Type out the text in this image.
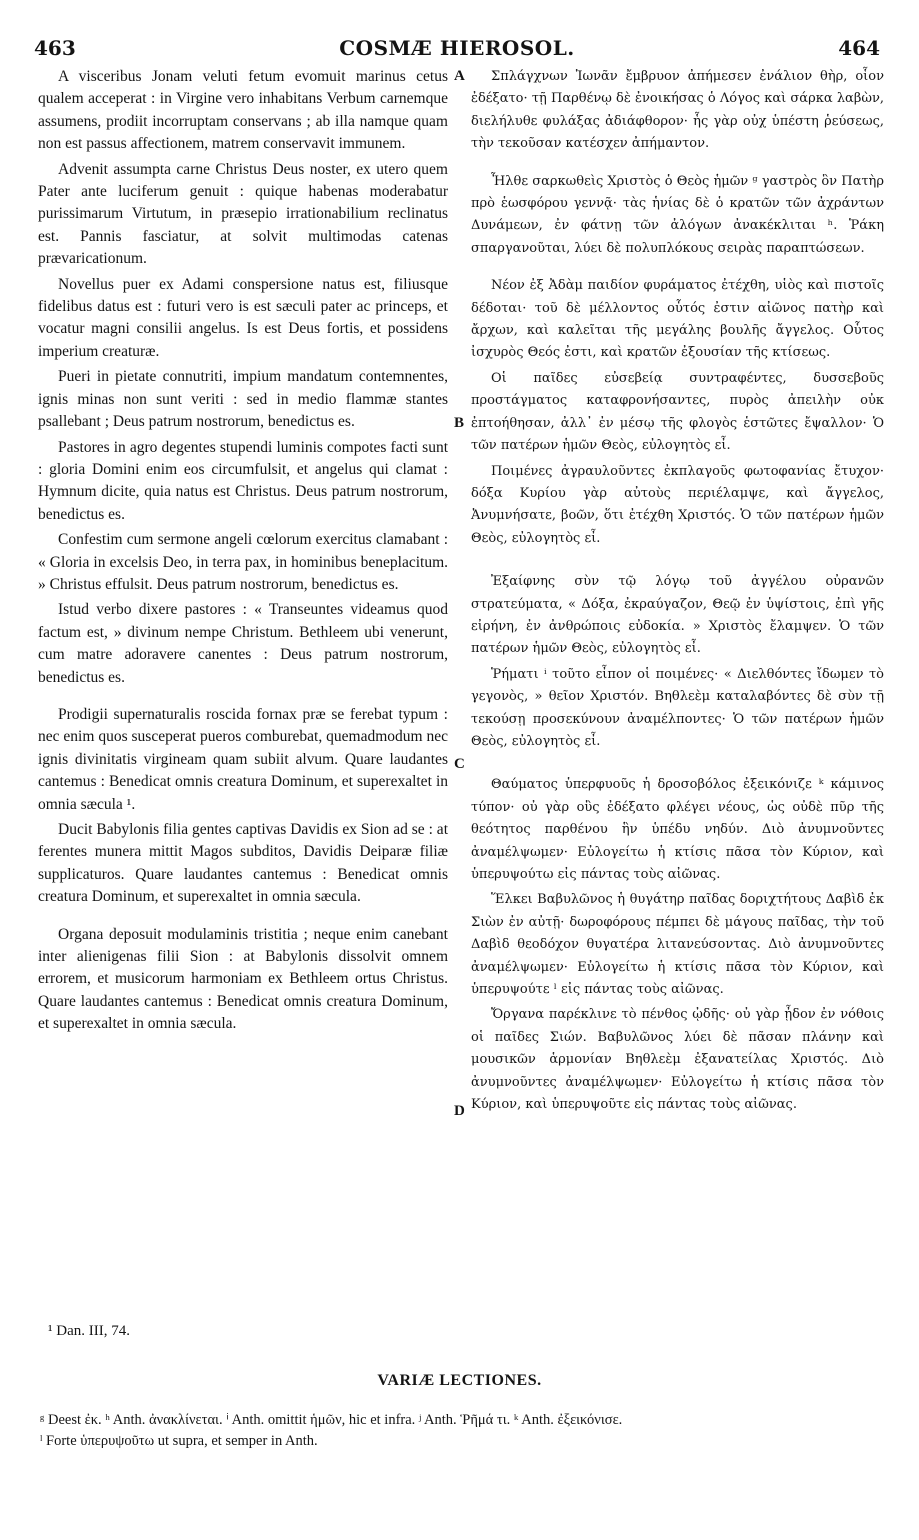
463	COSMÆ HIEROSOL.	464

A visceribus Jonam veluti fetum evomuit marinus cetus qualem acceperat : in Virgine vero inhabitans Verbum carnemque assumens, prodiit incorruptam conservans ; ab illa namque quam non est passus affectionem, matrem conservavit immunem.

Advenit assumpta carne Christus Deus noster, ex utero quem Pater ante luciferum genuit : quique habenas moderabatur purissimarum Virtutum, in præsepio irrationabilium reclinatus est. Pannis fasciatur, at solvit multimodas catenas prævaricationum.

Novellus puer ex Adami conspersione natus est, filiusque fidelibus datus est : futuri vero is est sæculi pater ac princeps, et vocatur magni consilii angelus. Is est Deus fortis, et possidens imperium creaturæ.

Pueri in pietate connutriti, impium mandatum contemnentes, ignis minas non sunt veriti : sed in medio flammæ stantes psallebant ; Deus patrum nostrorum, benedictus es.

Pastores in agro degentes stupendi luminis compotes facti sunt : gloria Domini enim eos circumfulsit, et angelus qui clamat : Hymnum dicite, quia natus est Christus. Deus patrum nostrorum, benedictus es.

Confestim cum sermone angeli cœlorum exercitus clamabant : « Gloria in excelsis Deo, in terra pax, in hominibus beneplacitum. » Christus effulsit. Deus patrum nostrorum, benedictus es.

Istud verbo dixere pastores : « Transeuntes videamus quod factum est, » divinum nempe Christum. Bethleem ubi venerunt, cum matre adoravere canentes : Deus patrum nostrorum, benedictus es.

Prodigii supernaturalis roscida fornax præ se ferebat typum : nec enim quos susceperat pueros comburebat, quemadmodum nec ignis divinitatis virgineam quam subiit alvum. Quare laudantes cantemus : Benedicat omnis creatura Dominum, et superexaltet in omnia sæcula ¹.

Ducit Babylonis filia gentes captivas Davidis ex Sion ad se : at ferentes munera mittit Magos subditos, Davidis Deiparæ filiæ supplicaturos. Quare laudantes cantemus : Benedicat omnis creatura Dominum, et superexaltet in omnia sæcula.

Organa deposuit modulaminis tristitia ; neque enim canebant inter alienigenas filii Sion : at Babylonis dissolvit omnem errorem, et musicorum harmoniam ex Bethleem ortus Christus. Quare laudantes cantemus : Benedicat omnis creatura Dominum, et superexaltet in omnia sæcula.

A
B
C
D

Σπλάγχνων Ἰωνᾶν ἔμβρυον ἀπήμεσεν ἐνάλιον θὴρ, οἷον ἐδέξατο· τῇ Παρθένῳ δὲ ἐνοικήσας ὁ Λόγος καὶ σάρκα λαβὼν, διελήλυθε φυλάξας ἀδιάφθορον· ἧς γὰρ οὐχ ὑπέστη ῥεύσεως, τὴν τεκοῦσαν κατέσχεν ἀπήμαντον.

Ἦλθε σαρκωθεὶς Χριστὸς ὁ Θεὸς ἡμῶν ᵍ γαστρὸς ὃν Πατὴρ πρὸ ἑωσφόρου γεννᾷ· τὰς ἡνίας δὲ ὁ κρατῶν τῶν ἀχράντων Δυνάμεων, ἐν φάτνῃ τῶν ἀλόγων ἀνακέκλιται ʰ. Ῥάκη σπαργανοῦται, λύει δὲ πολυπλόκους σειρὰς παραπτώσεων.

Νέον ἐξ Ἀδὰμ παιδίον φυράματος ἐτέχθη, υἱὸς καὶ πιστοῖς δέδοται· τοῦ δὲ μέλλοντος οὗτός ἐστιν αἰῶνος πατὴρ καὶ ἄρχων, καὶ καλεῖται τῆς μεγάλης βουλῆς ἄγγελος. Οὗτος ἰσχυρὸς Θεός ἐστι, καὶ κρατῶν ἐξουσίαν τῆς κτίσεως.

Οἱ παῖδες εὐσεβείᾳ συντραφέντες, δυσσεβοῦς προστάγματος καταφρονήσαντες, πυρὸς ἀπειλὴν οὐκ ἐπτοήθησαν, ἀλλ᾽ ἐν μέσῳ τῆς φλογὸς ἑστῶτες ἔψαλλον· Ὁ τῶν πατέρων ἡμῶν Θεὸς, εὐλογητὸς εἶ.

Ποιμένες ἀγραυλοῦντες ἐκπλαγοῦς φωτοφανίας ἔτυχον· δόξα Κυρίου γὰρ αὐτοὺς περιέλαμψε, καὶ ἄγγελος, Ἀνυμνήσατε, βοῶν, ὅτι ἐτέχθη Χριστός. Ὁ τῶν πατέρων ἡμῶν Θεὸς, εὐλογητὸς εἶ.

Ἐξαίφνης σὺν τῷ λόγῳ τοῦ ἀγγέλου οὐρανῶν στρατεύματα, « Δόξα, ἐκραύγαζον, Θεῷ ἐν ὑψίστοις, ἐπὶ γῆς εἰρήνη, ἐν ἀνθρώποις εὐδοκία. » Χριστὸς ἔλαμψεν. Ὁ τῶν πατέρων ἡμῶν Θεὸς, εὐλογητὸς εἶ.

Ῥήματι ⁱ τοῦτο εἶπον οἱ ποιμένες· « Διελθόντες ἴδωμεν τὸ γεγονὸς, » θεῖον Χριστόν. Βηθλεὲμ καταλαβόντες δὲ σὺν τῇ τεκούσῃ προσεκύνουν ἀναμέλποντες· Ὁ τῶν πατέρων ἡμῶν Θεὸς, εὐλογητὸς εἶ.

Θαύματος ὑπερφυοῦς ἡ δροσοβόλος ἐξεικόνιζε ᵏ κάμινος τύπον· οὐ γὰρ οὓς ἐδέξατο φλέγει νέους, ὡς οὐδὲ πῦρ τῆς θεότητος παρθένου ἣν ὑπέδυ νηδύν. Διὸ ἀνυμνοῦντες ἀναμέλψωμεν· Εὐλογείτω ἡ κτίσις πᾶσα τὸν Κύριον, καὶ ὑπερυψούτω εἰς πάντας τοὺς αἰῶνας.

Ἕλκει Βαβυλῶνος ἡ θυγάτηρ παῖδας δοριχτήτους Δαβὶδ ἐκ Σιὼν ἐν αὐτῇ· δωροφόρους πέμπει δὲ μάγους παῖδας, τὴν τοῦ Δαβὶδ θεοδόχον θυγατέρα λιτανεύσοντας. Διὸ ἀνυμνοῦντες ἀναμέλψωμεν· Εὐλογείτω ἡ κτίσις πᾶσα τὸν Κύριον, καὶ ὑπερυψούτε ˡ εἰς πάντας τοὺς αἰῶνας.

Ὄργανα παρέκλινε τὸ πένθος ᾠδῆς· οὐ γὰρ ᾖδον ἐν νόθοις οἱ παῖδες Σιών. Βαβυλῶνος λύει δὲ πᾶσαν πλάνην καὶ μουσικῶν ἁρμονίαν Βηθλεὲμ ἐξανατείλας Χριστός. Διὸ ἀνυμνοῦντες ἀναμέλψωμεν· Εὐλογείτω ἡ κτίσις πᾶσα τὸν Κύριον, καὶ ὑπερυψοῦτε εἰς πάντας τοὺς αἰῶνας.

¹ Dan. III, 74.
VARIÆ LECTIONES.
ᵍ Deest ἐκ. ʰ Anth. ἀνακλίνεται. ⁱ Anth. omittit ἡμῶν, hic et infra. ʲ Anth. Ῥῆμά τι. ᵏ Anth. ἐξεικόνισε.
ˡ Forte ὑπερυψοῦτω ut supra, et semper in Anth.
